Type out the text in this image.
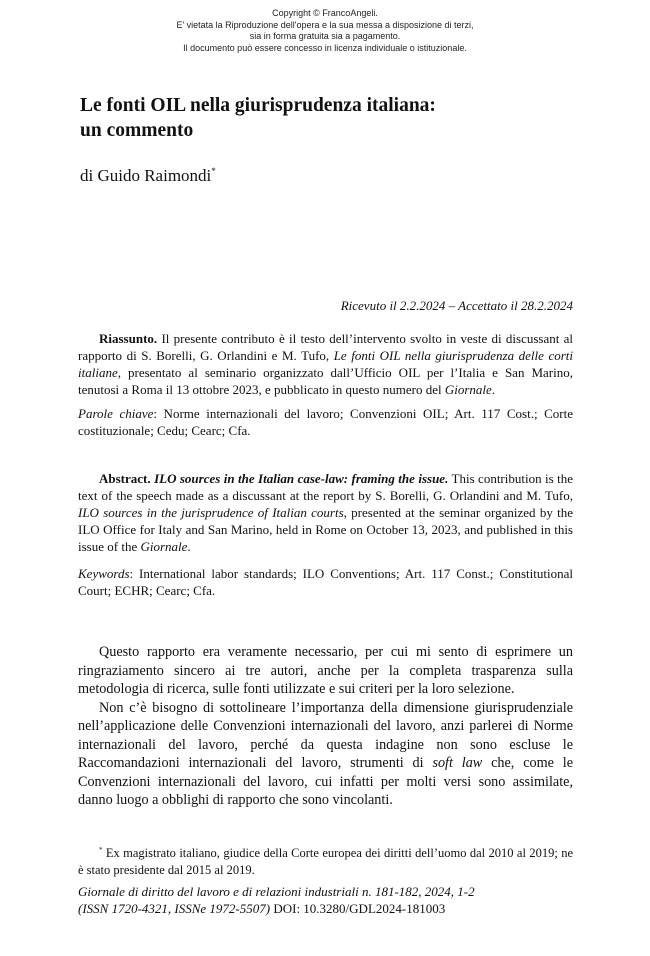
Copyright © FrancoAngeli.
E' vietata la Riproduzione dell'opera e la sua messa a disposizione di terzi,
sia in forma gratuita sia a pagamento.
Il documento può essere concesso in licenza individuale o istituzionale.
Le fonti OIL nella giurisprudenza italiana:
un commento
di Guido Raimondi*
Ricevuto il 2.2.2024 – Accettato il 28.2.2024
Riassunto. Il presente contributo è il testo dell’intervento svolto in veste di discussant al rapporto di S. Borelli, G. Orlandini e M. Tufo, Le fonti OIL nella giurisprudenza delle corti italiane, presentato al seminario organizzato dall’Ufficio OIL per l’Italia e San Marino, tenutosi a Roma il 13 ottobre 2023, e pubblicato in questo numero del Giornale.
Parole chiave: Norme internazionali del lavoro; Convenzioni OIL; Art. 117 Cost.; Corte costituzionale; Cedu; Cearc; Cfa.
Abstract. ILO sources in the Italian case-law: framing the issue. This contribution is the text of the speech made as a discussant at the report by S. Borelli, G. Orlandini and M. Tufo, ILO sources in the jurisprudence of Italian courts, presented at the seminar organized by the ILO Office for Italy and San Marino, held in Rome on October 13, 2023, and published in this issue of the Giornale.
Keywords: International labor standards; ILO Conventions; Art. 117 Const.; Constitutional Court; ECHR; Cearc; Cfa.

Questo rapporto era veramente necessario, per cui mi sento di esprimere un ringraziamento sincero ai tre autori, anche per la completa trasparenza sulla metodologia di ricerca, sulle fonti utilizzate e sui criteri per la loro selezione.

Non c’è bisogno di sottolineare l’importanza della dimensione giurisprudenziale nell’applicazione delle Convenzioni internazionali del lavoro, anzi parlerei di Norme internazionali del lavoro, perché da questa indagine non sono escluse le Raccomandazioni internazionali del lavoro, strumenti di soft law che, come le Convenzioni internazionali del lavoro, cui infatti per molti versi sono assimilate, danno luogo a obblighi di rapporto che sono vincolanti.

* Ex magistrato italiano, giudice della Corte europea dei diritti dell’uomo dal 2010 al 2019; ne è stato presidente dal 2015 al 2019.
Giornale di diritto del lavoro e di relazioni industriali n. 181-182, 2024, 1-2
(ISSN 1720-4321, ISSNe 1972-5507) DOI: 10.3280/GDL2024-181003
